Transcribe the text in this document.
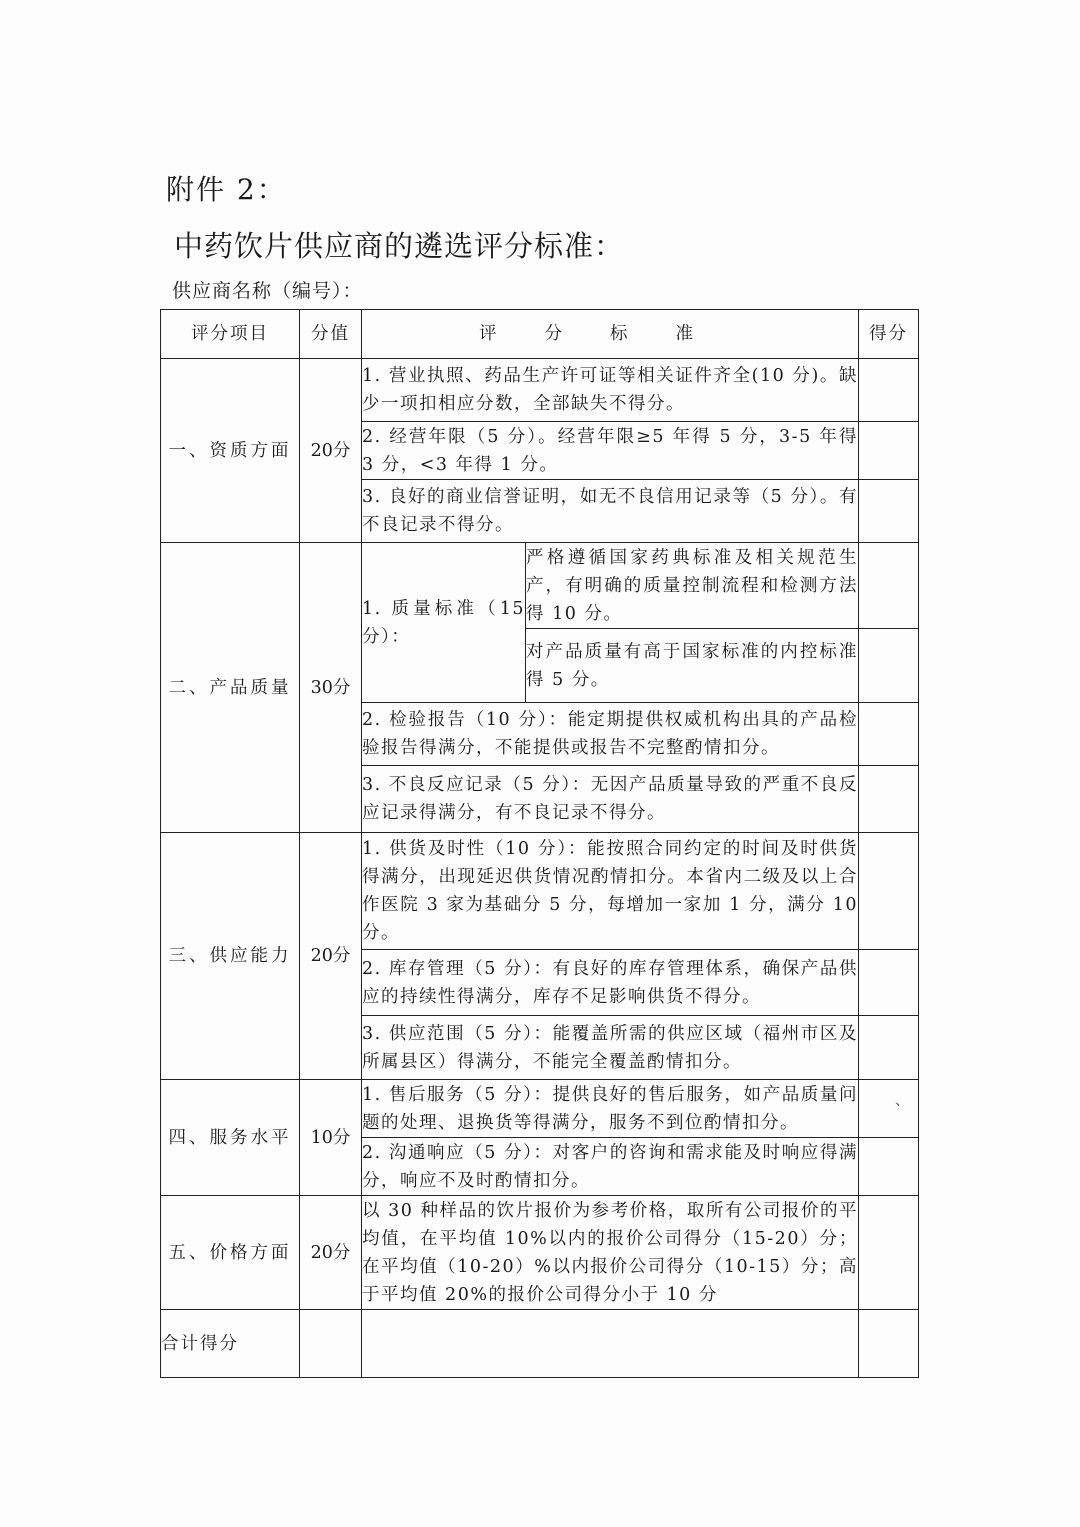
附件 2：
中药饮片供应商的遴选评分标准：
供应商名称（编号）：
评分项目	分值	评分标准		得分
一、资质方面	20分	1. 营业执照、药品生产许可证等相关证件齐全(10 分)。缺少一项扣相应分数，全部缺失不得分。		
		2. 经营年限（5 分）。经营年限≥5 年得 5 分，3-5 年得 3 分，<3 年得 1 分。		
		3. 良好的商业信誉证明，如无不良信用记录等（5 分）。有不良记录不得分。		
二、产品质量	30分	1. 质量标准（15 分）：	严格遵循国家药典标准及相关规范生产，有明确的质量控制流程和检测方法得 10 分。	
			对产品质量有高于国家标准的内控标准得 5 分。	
		2. 检验报告（10 分）：能定期提供权威机构出具的产品检验报告得满分，不能提供或报告不完整酌情扣分。		
		3. 不良反应记录（5 分）：无因产品质量导致的严重不良反应记录得满分，有不良记录不得分。		
三、供应能力	20分	1. 供货及时性（10 分）：能按照合同约定的时间及时供货得满分，出现延迟供货情况酌情扣分。本省内二级及以上合作医院 3 家为基础分 5 分，每增加一家加 1 分，满分 10 分。		
		2. 库存管理（5 分）：有良好的库存管理体系，确保产品供应的持续性得满分，库存不足影响供货不得分。		
		3. 供应范围（5 分）：能覆盖所需的供应区域（福州市区及所属县区）得满分，不能完全覆盖酌情扣分。		
四、服务水平	10分	1. 售后服务（5 分）：提供良好的售后服务，如产品质量问题的处理、退换货等得满分，服务不到位酌情扣分。		
		2. 沟通响应（5 分）：对客户的咨询和需求能及时响应得满分，响应不及时酌情扣分。		
五、价格方面	20分	以 30 种样品的饮片报价为参考价格，取所有公司报价的平均值，在平均值 10%以内的报价公司得分（15-20）分；在平均值（10-20）%以内报价公司得分（10-15）分；高于平均值 20%的报价公司得分小于 10 分		
合计得分				
、
